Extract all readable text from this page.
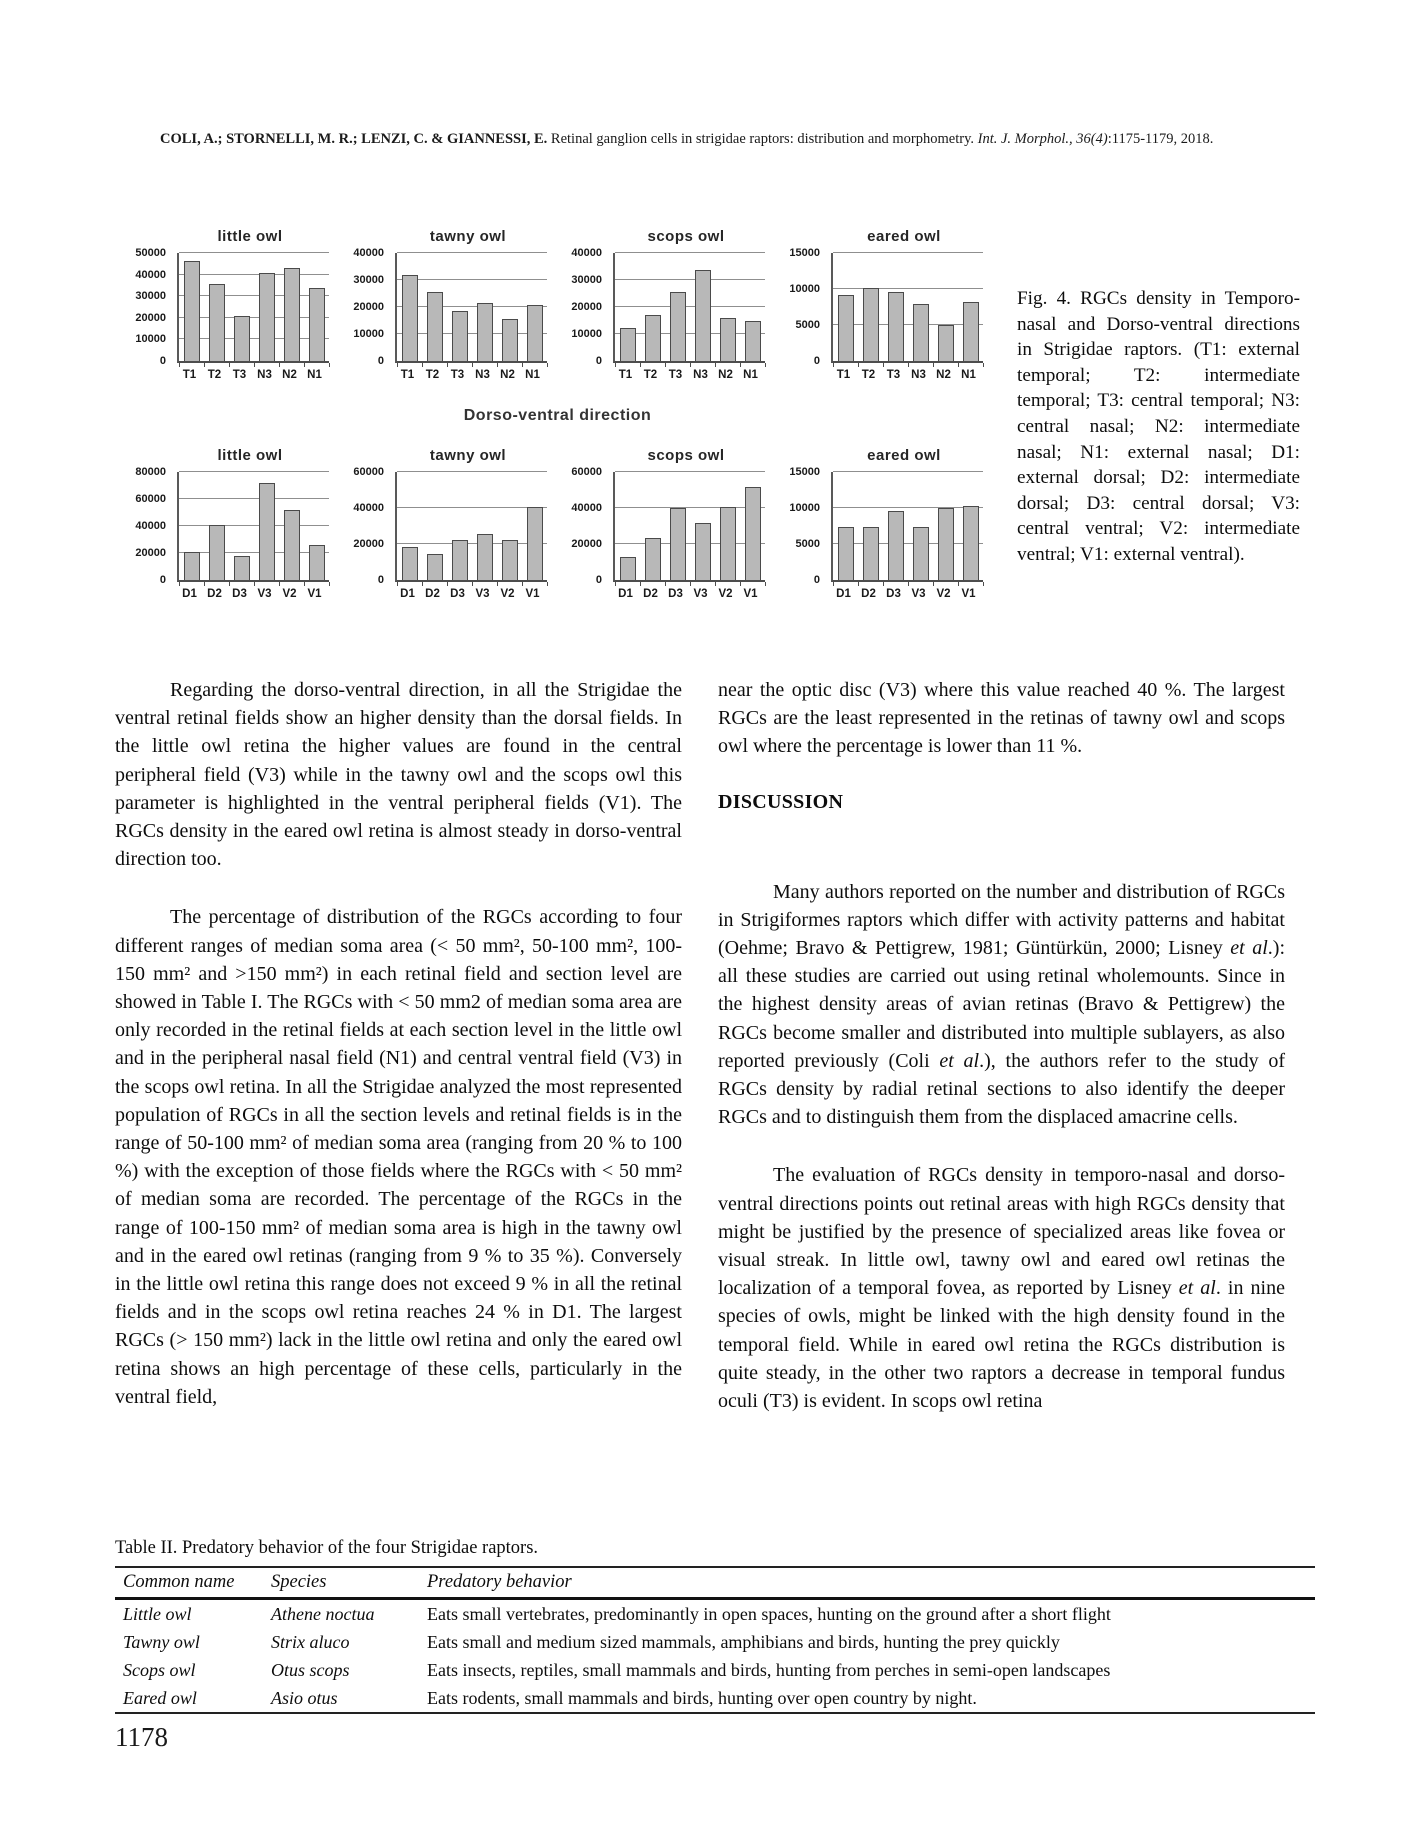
COLI, A.; STORNELLI, M. R.; LENZI, C. & GIANNESSI, E. Retinal ganglion cells in strigidae raptors: distribution and morphometry. Int. J. Morphol., 36(4):1175-1179, 2018.
little owl
0
10000
20000
30000
40000
50000
T1	T2	T3 N3 N2 N1
tawny owl
0
10000
20000
30000
40000
T1	T2	T3 N3 N2 N1
scops owl
0
10000
20000
30000
40000
T1	T2	T3 N3 N2 N1
eared owl
0
5000
10000
15000
T1	T2	T3 N3 N2 N1
Dorso-ventral direction
little owl
0
20000
40000
60000
80000
D1 D2 D3 V3 V2 V1
tawny owl
0
20000
40000
60000
D1 D2 D3 V3 V2 V1
scops owl
0
20000
40000
60000
D1 D2 D3 V3 V2 V1
eared owl
0
5000
10000
15000
D1 D2 D3 V3 V2 V1
Fig. 4. RGCs density in Temporo-nasal and Dorso-ventral directions in Strigidae raptors. (T1: external temporal; T2: intermediate temporal; T3: central temporal; N3: central nasal; N2: intermediate nasal; N1: external nasal; D1: external dorsal; D2: intermediate dorsal; D3: central dorsal; V3: central ventral; V2: intermediate ventral; V1: external ventral).

Regarding the dorso-ventral direction, in all the Strigidae the ventral retinal fields show an higher density than the dorsal fields. In the little owl retina the higher values are found in the central peripheral field (V3) while in the tawny owl and the scops owl this parameter is highlighted in the ventral peripheral fields (V1). The RGCs density in the eared owl retina is almost steady in dorso-ventral direction too.

The percentage of distribution of the RGCs according to four different ranges of median soma area (< 50 mm², 50-100 mm², 100-150 mm² and >150 mm²) in each retinal field and section level are showed in Table I. The RGCs with < 50 mm2 of median soma area are only recorded in the retinal fields at each section level in the little owl and in the peripheral nasal field (N1) and central ventral field (V3) in the scops owl retina. In all the Strigidae analyzed the most represented population of RGCs in all the section levels and retinal fields is in the range of 50-100 mm² of median soma area (ranging from 20 % to 100 %) with the exception of those fields where the RGCs with < 50 mm² of median soma are recorded. The percentage of the RGCs in the range of 100-150 mm² of median soma area is high in the tawny owl and in the eared owl retinas (ranging from 9 % to 35 %). Conversely in the little owl retina this range does not exceed 9 % in all the retinal fields and in the scops owl retina reaches 24 % in D1. The largest RGCs (> 150 mm²) lack in the little owl retina and only the eared owl retina shows an high percentage of these cells, particularly in the ventral field,

near the optic disc (V3) where this value reached 40 %. The largest RGCs are the least represented in the retinas of tawny owl and scops owl where the percentage is lower than 11 %.

DISCUSSION

Many authors reported on the number and distribution of RGCs in Strigiformes raptors which differ with activity patterns and habitat (Oehme; Bravo & Pettigrew, 1981; Güntürkün, 2000; Lisney et al.): all these studies are carried out using retinal wholemounts. Since in the highest density areas of avian retinas (Bravo & Pettigrew) the RGCs become smaller and distributed into multiple sublayers, as also reported previously (Coli et al.), the authors refer to the study of RGCs density by radial retinal sections to also identify the deeper RGCs and to distinguish them from the displaced amacrine cells.

The evaluation of RGCs density in temporo-nasal and dorso-ventral directions points out retinal areas with high RGCs density that might be justified by the presence of specialized areas like fovea or visual streak. In little owl, tawny owl and eared owl retinas the localization of a temporal fovea, as reported by Lisney et al. in nine species of owls, might be linked with the high density found in the temporal field. While in eared owl retina the RGCs distribution is quite steady, in the other two raptors a decrease in temporal fundus oculi (T3) is evident. In scops owl retina

Table II. Predatory behavior of the four Strigidae raptors.
Common name	Species	Predatory behavior
Little owl	Athene noctua	Eats small vertebrates, predominantly in open spaces, hunting on the ground after a short flight
Tawny owl	Strix aluco	Eats small and medium sized mammals, amphibians and birds, hunting the prey quickly
Scops owl	Otus scops	Eats insects, reptiles, small mammals and birds, hunting from perches in semi-open landscapes
Eared owl	Asio otus	Eats rodents, small mammals and birds, hunting over open country by night.
1178
